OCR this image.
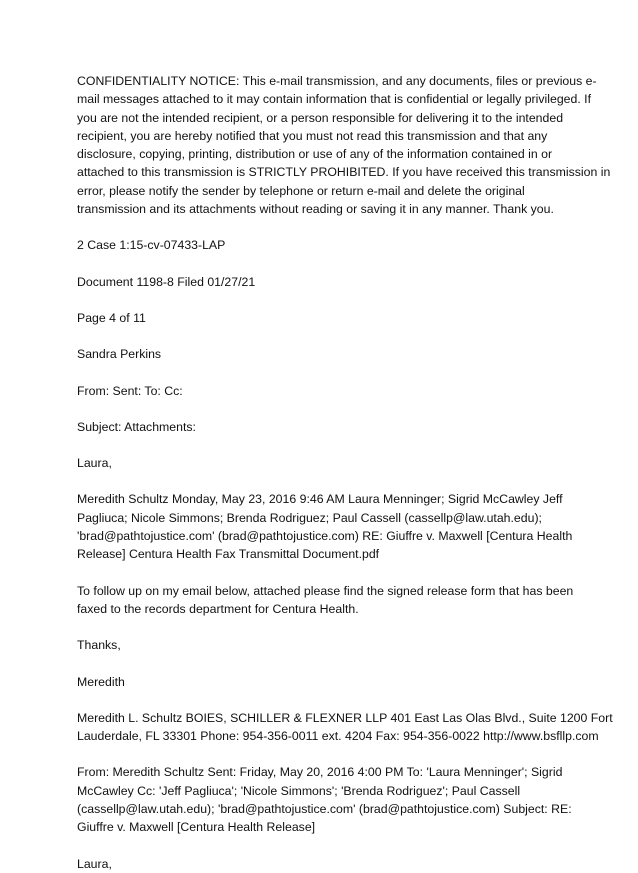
CONFIDENTIALITY NOTICE: This e-mail transmission, and any documents, files or previous e-
mail messages attached to it may contain information that is confidential or legally privileged. If
you are not the intended recipient, or a person responsible for delivering it to the intended
recipient, you are hereby notified that you must not read this transmission and that any
disclosure, copying, printing, distribution or use of any of the information contained in or
attached to this transmission is STRICTLY PROHIBITED. If you have received this transmission in
error, please notify the sender by telephone or return e-mail and delete the original
transmission and its attachments without reading or saving it in any manner. Thank you.

2 Case 1:15-cv-07433-LAP

Document 1198-8 Filed 01/27/21

Page 4 of 11

Sandra Perkins

From: Sent: To: Cc:

Subject: Attachments:

Laura,

Meredith Schultz Monday, May 23, 2016 9:46 AM Laura Menninger; Sigrid McCawley Jeff
Pagliuca; Nicole Simmons; Brenda Rodriguez; Paul Cassell (cassellp@law.utah.edu);
'brad@pathtojustice.com' (brad@pathtojustice.com) RE: Giuffre v. Maxwell [Centura Health
Release] Centura Health Fax Transmittal Document.pdf

To follow up on my email below, attached please find the signed release form that has been
faxed to the records department for Centura Health.

Thanks,

Meredith

Meredith L. Schultz BOIES, SCHILLER & FLEXNER LLP 401 East Las Olas Blvd., Suite 1200 Fort
Lauderdale, FL 33301 Phone: 954-356-0011 ext. 4204 Fax: 954-356-0022 http://www.bsfllp.com

From: Meredith Schultz Sent: Friday, May 20, 2016 4:00 PM To: 'Laura Menninger'; Sigrid
McCawley Cc: 'Jeff Pagliuca'; 'Nicole Simmons'; 'Brenda Rodriguez'; Paul Cassell
(cassellp@law.utah.edu); 'brad@pathtojustice.com' (brad@pathtojustice.com) Subject: RE:
Giuffre v. Maxwell [Centura Health Release]

Laura,
